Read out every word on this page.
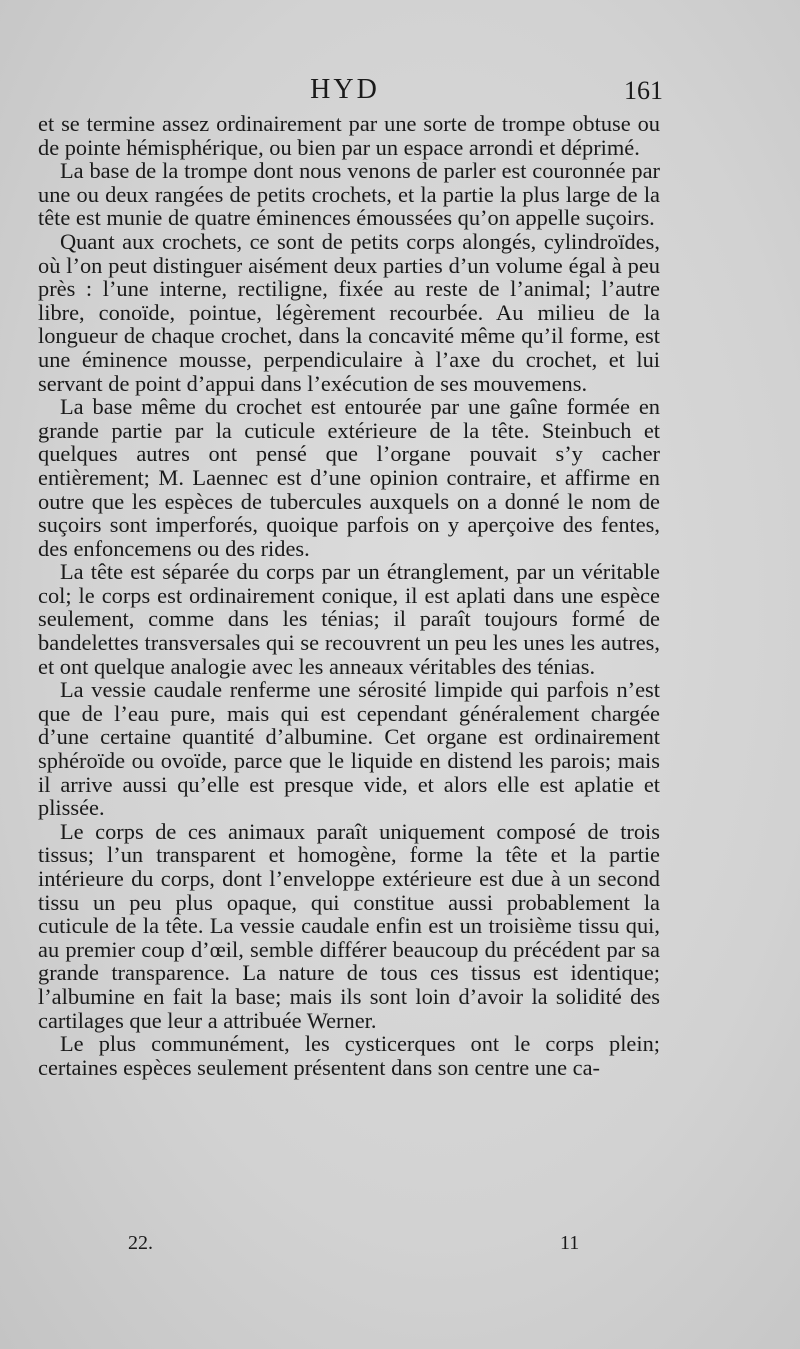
HYD	161

et se termine assez ordinairement par une sorte de trompe obtuse ou de pointe hémisphérique, ou bien par un espace arrondi et déprimé.

La base de la trompe dont nous venons de parler est couronnée par une ou deux rangées de petits crochets, et la partie la plus large de la tête est munie de quatre éminences émoussées qu’on appelle suçoirs.

Quant aux crochets, ce sont de petits corps alongés, cylindroïdes, où l’on peut distinguer aisément deux parties d’un volume égal à peu près : l’une interne, rectiligne, fixée au reste de l’animal; l’autre libre, conoïde, pointue, légèrement recourbée. Au milieu de la longueur de chaque crochet, dans la concavité même qu’il forme, est une éminence mousse, perpendiculaire à l’axe du crochet, et lui servant de point d’appui dans l’exécution de ses mouvemens.

La base même du crochet est entourée par une gaîne formée en grande partie par la cuticule extérieure de la tête. Steinbuch et quelques autres ont pensé que l’organe pouvait s’y cacher entièrement; M. Laennec est d’une opinion contraire, et affirme en outre que les espèces de tubercules auxquels on a donné le nom de suçoirs sont imperforés, quoique parfois on y aperçoive des fentes, des enfoncemens ou des rides.

La tête est séparée du corps par un étranglement, par un véritable col; le corps est ordinairement conique, il est aplati dans une espèce seulement, comme dans les ténias; il paraît toujours formé de bandelettes transversales qui se recouvrent un peu les unes les autres, et ont quelque analogie avec les anneaux véritables des ténias.

La vessie caudale renferme une sérosité limpide qui parfois n’est que de l’eau pure, mais qui est cependant généralement chargée d’une certaine quantité d’albumine. Cet organe est ordinairement sphéroïde ou ovoïde, parce que le liquide en distend les parois; mais il arrive aussi qu’elle est presque vide, et alors elle est aplatie et plissée.

Le corps de ces animaux paraît uniquement composé de trois tissus; l’un transparent et homogène, forme la tête et la partie intérieure du corps, dont l’enveloppe extérieure est due à un second tissu un peu plus opaque, qui constitue aussi probablement la cuticule de la tête. La vessie caudale enfin est un troisième tissu qui, au premier coup d’œil, semble différer beaucoup du précédent par sa grande transparence. La nature de tous ces tissus est identique; l’albumine en fait la base; mais ils sont loin d’avoir la solidité des cartilages que leur a attribuée Werner.

Le plus communément, les cysticerques ont le corps plein; certaines espèces seulement présentent dans son centre une ca-

22.	11
